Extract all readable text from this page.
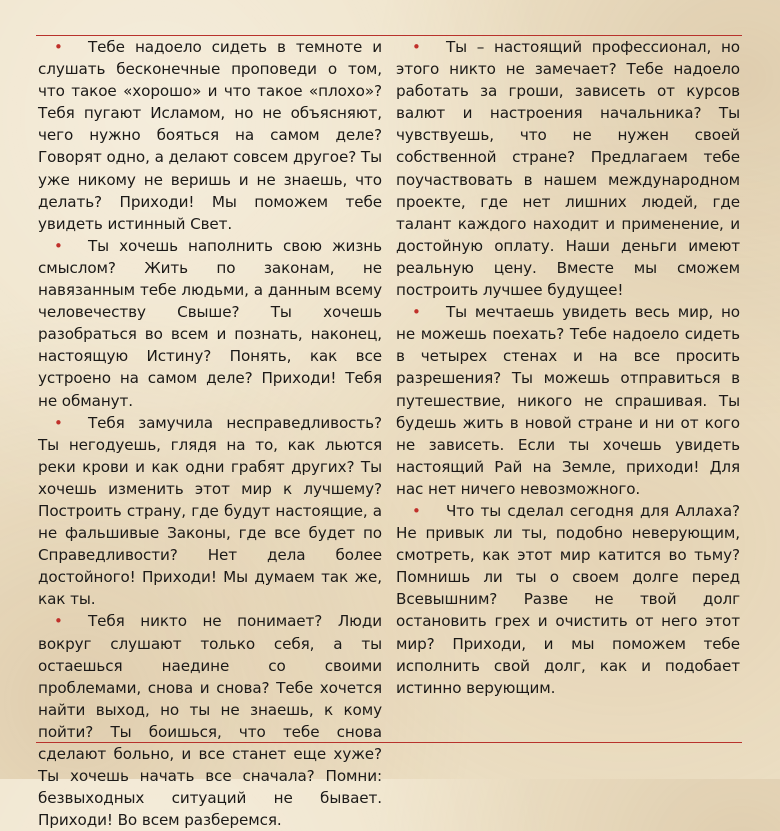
• Тебе надоело сидеть в темноте и слушать бесконечные проповеди о том, что такое «хорошо» и что такое «плохо»? Тебя пугают Исламом, но не объясняют, чего нужно бояться на самом деле? Говорят одно, а делают совсем другое? Ты уже никому не веришь и не знаешь, что делать? Приходи! Мы поможем тебе увидеть истинный Свет.

• Ты хочешь наполнить свою жизнь смыслом? Жить по законам, не навязанным тебе людьми, а данным всему человечеству Свыше? Ты хочешь разобраться во всем и познать, наконец, настоящую Истину? Понять, как все устроено на самом деле? Приходи! Тебя не обманут.

• Тебя замучила несправедливость? Ты негодуешь, глядя на то, как льются реки крови и как одни грабят других? Ты хочешь изменить этот мир к лучшему? Построить страну, где будут настоящие, а не фальшивые Законы, где все будет по Справедливости? Нет дела более достойного! Приходи! Мы думаем так же, как ты.

• Тебя никто не понимает? Люди вокруг слушают только себя, а ты остаешься наедине со своими проблемами, снова и снова? Тебе хочется найти выход, но ты не знаешь, к кому пойти? Ты боишься, что тебе снова сделают больно, и все станет еще хуже? Ты хочешь начать все сначала? Помни: безвыходных ситуаций не бывает. Приходи! Во всем разберемся.

• Ты – настоящий профессионал, но этого никто не замечает? Тебе надоело работать за гроши, зависеть от курсов валют и настроения начальника? Ты чувствуешь, что не нужен своей собственной стране? Предлагаем тебе поучаствовать в нашем международном проекте, где нет лишних людей, где талант каждого находит и применение, и достойную оплату. Наши деньги имеют реальную цену. Вместе мы сможем построить лучшее будущее!

• Ты мечтаешь увидеть весь мир, но не можешь поехать? Тебе надоело сидеть в четырех стенах и на все просить разрешения? Ты можешь отправиться в путешествие, никого не спрашивая. Ты будешь жить в новой стране и ни от кого не зависеть. Если ты хочешь увидеть настоящий Рай на Земле, приходи! Для нас нет ничего невозможного.

• Что ты сделал сегодня для Аллаха? Не привык ли ты, подобно неверующим, смотреть, как этот мир катится во тьму? Помнишь ли ты о своем долге перед Всевышним? Разве не твой долг остановить грех и очистить от него этот мир? Приходи, и мы поможем тебе исполнить свой долг, как и подобает истинно верующим.
